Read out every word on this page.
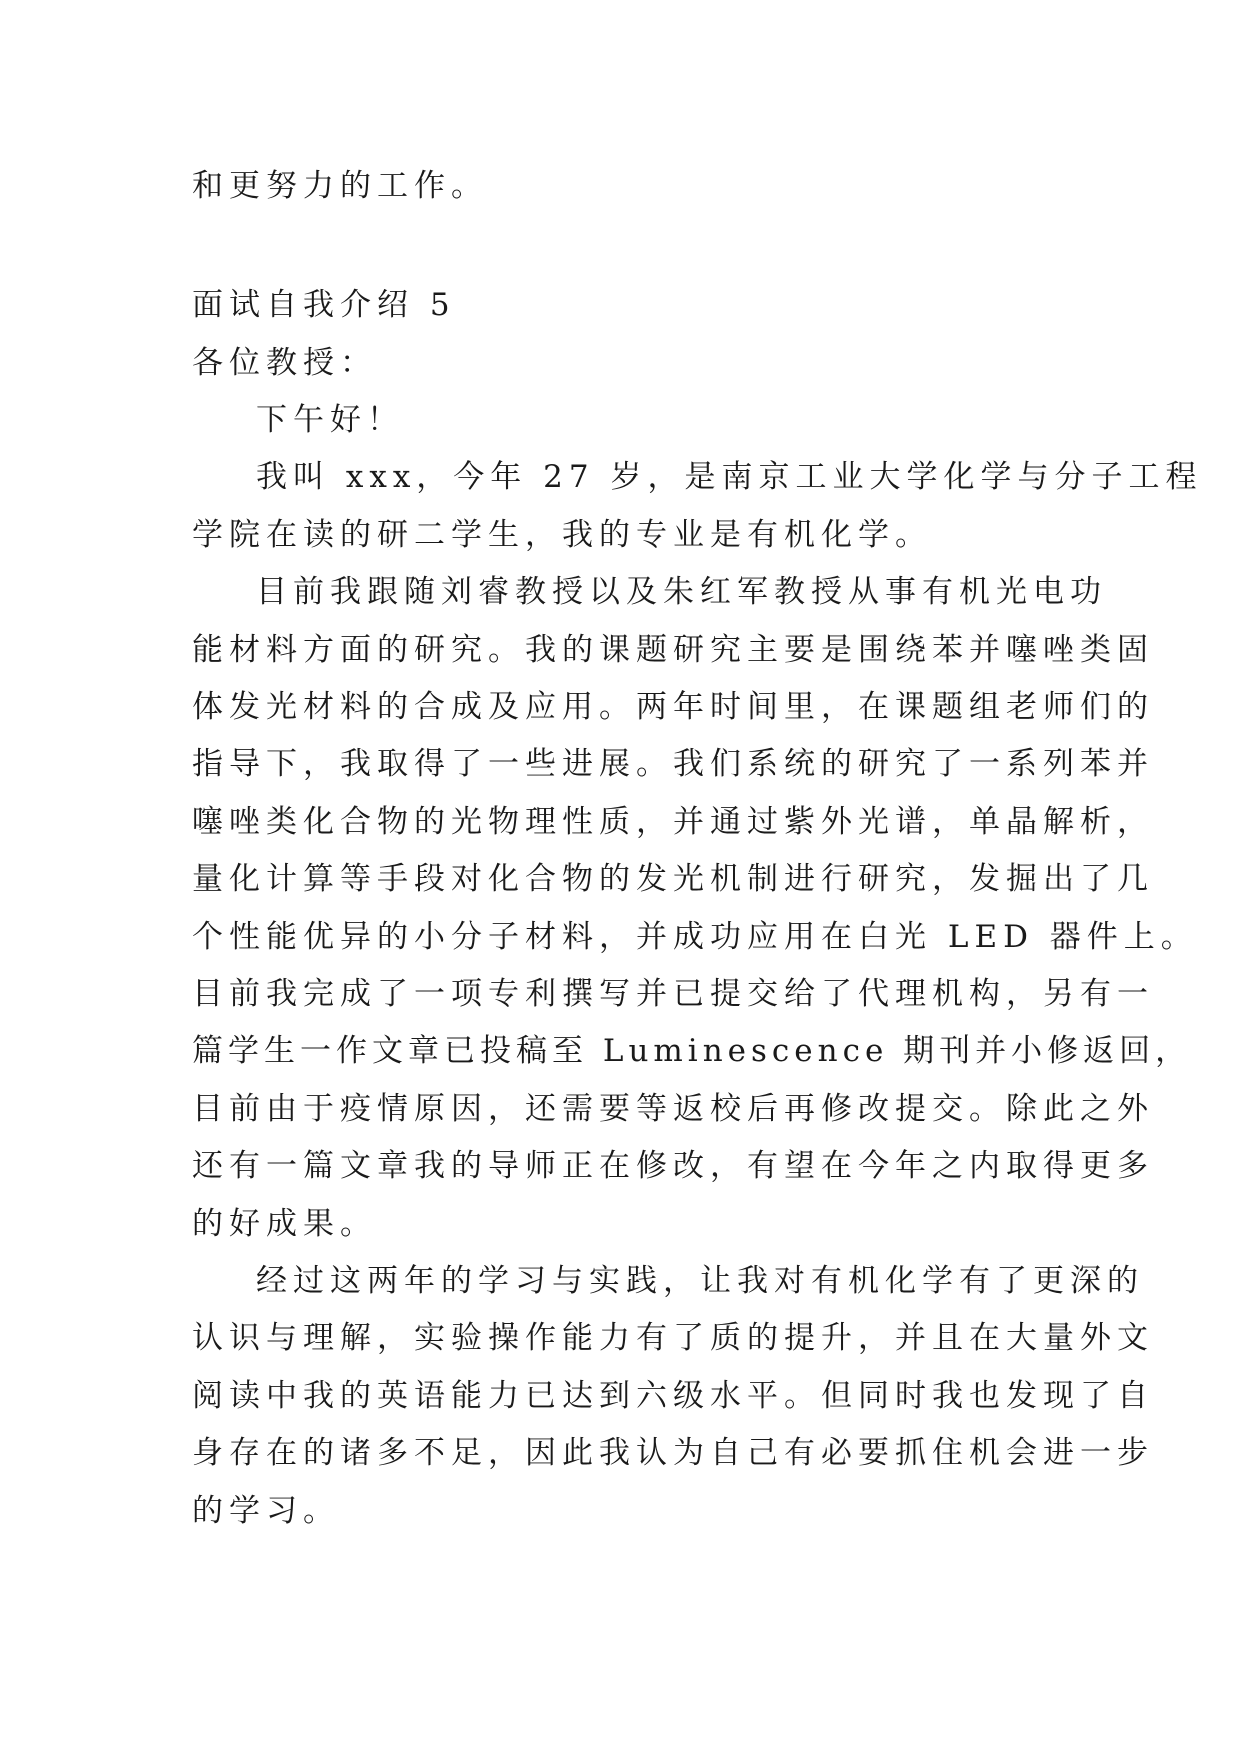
和更努力的工作。
面试自我介绍 5
各位教授：
下午好！
我叫 xxx，今年 27 岁，是南京工业大学化学与分子工程
学院在读的研二学生，我的专业是有机化学。
目前我跟随刘睿教授以及朱红军教授从事有机光电功
能材料方面的研究。我的课题研究主要是围绕苯并噻唑类固
体发光材料的合成及应用。两年时间里，在课题组老师们的
指导下，我取得了一些进展。我们系统的研究了一系列苯并
噻唑类化合物的光物理性质，并通过紫外光谱，单晶解析，
量化计算等手段对化合物的发光机制进行研究，发掘出了几
个性能优异的小分子材料，并成功应用在白光 LED 器件上。
目前我完成了一项专利撰写并已提交给了代理机构，另有一
篇学生一作文章已投稿至 Luminescence 期刊并小修返回，
目前由于疫情原因，还需要等返校后再修改提交。除此之外
还有一篇文章我的导师正在修改，有望在今年之内取得更多
的好成果。
经过这两年的学习与实践，让我对有机化学有了更深的
认识与理解，实验操作能力有了质的提升，并且在大量外文
阅读中我的英语能力已达到六级水平。但同时我也发现了自
身存在的诸多不足，因此我认为自己有必要抓住机会进一步
的学习。
